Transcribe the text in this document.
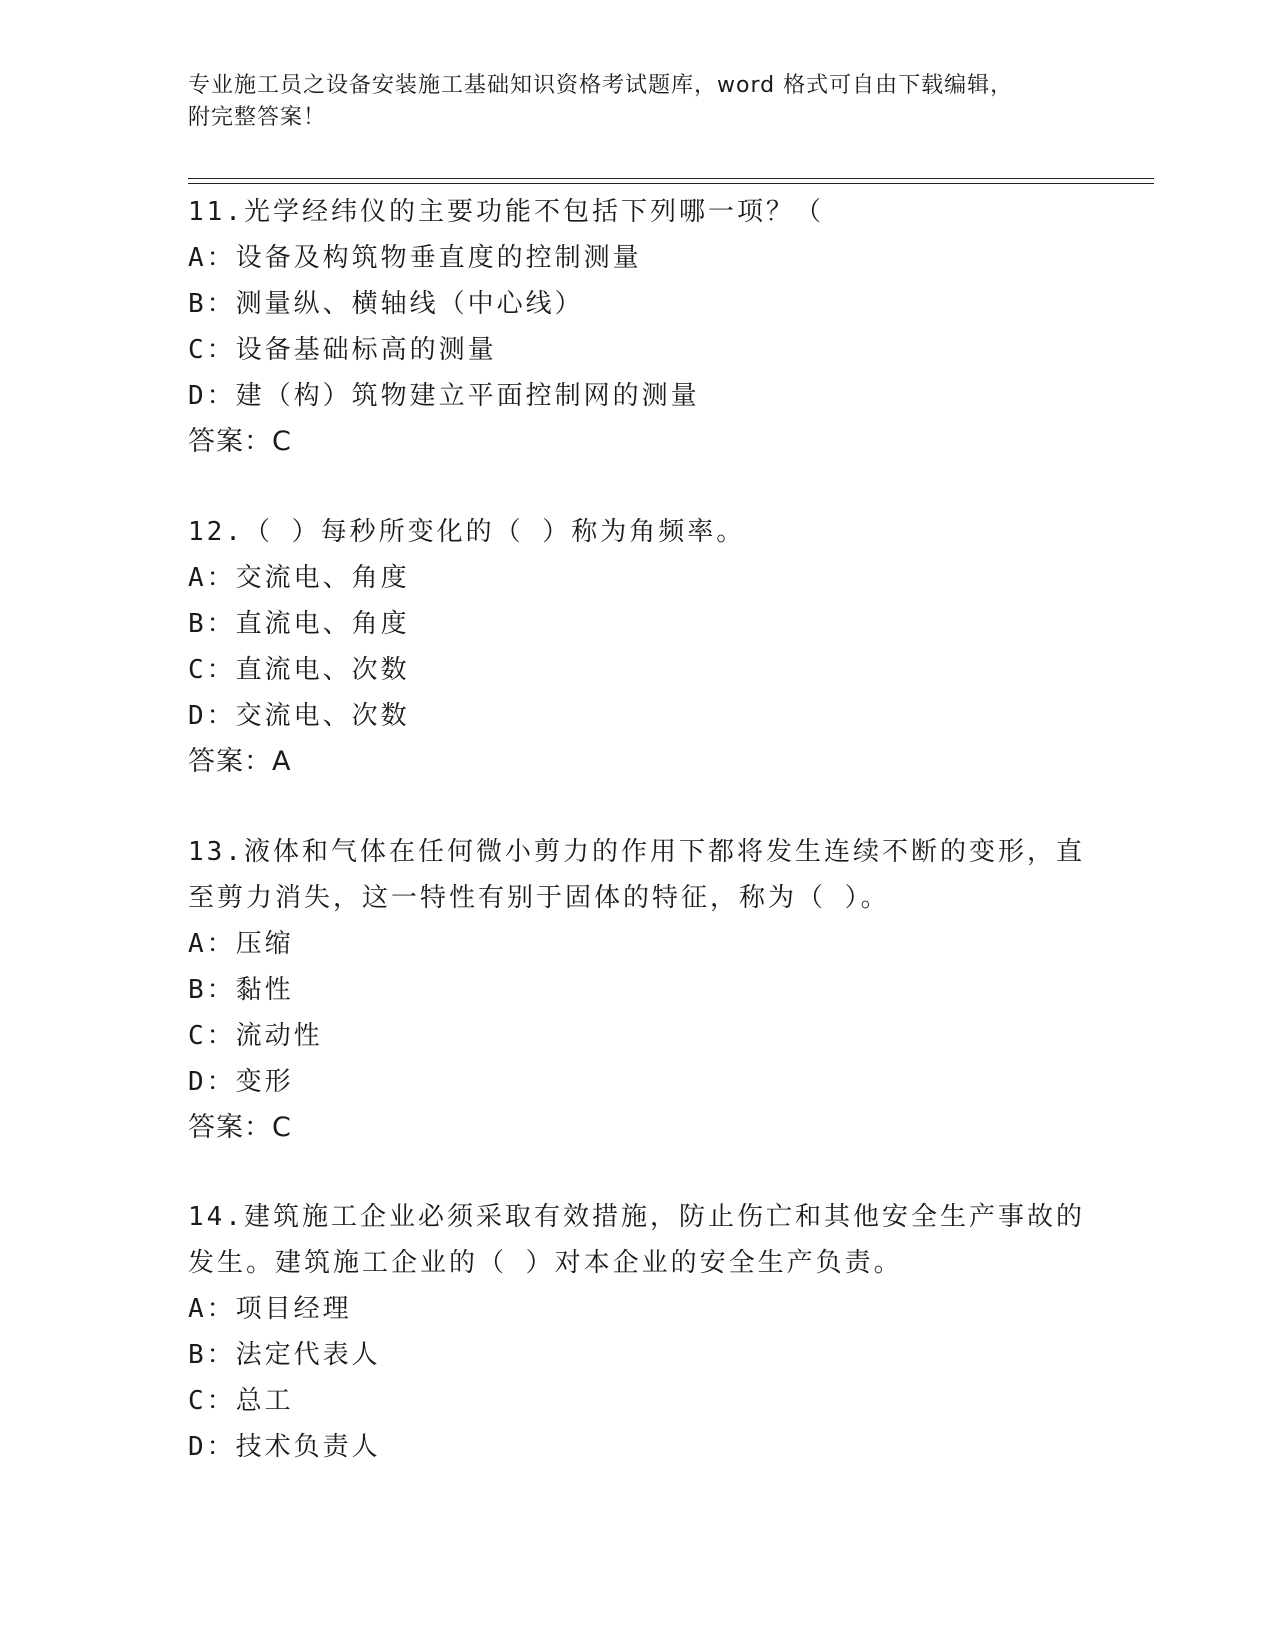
专业施工员之设备安装施工基础知识资格考试题库，word 格式可自由下载编辑，
附完整答案！
11.光学经纬仪的主要功能不包括下列哪一项？（
A：设备及构筑物垂直度的控制测量
B：测量纵、横轴线（中心线）
C：设备基础标高的测量
D：建（构）筑物建立平面控制网的测量
答案：C
12.（ ）每秒所变化的（ ）称为角频率。
A：交流电、角度
B：直流电、角度
C：直流电、次数
D：交流电、次数
答案：A
13.液体和气体在任何微小剪力的作用下都将发生连续不断的变形，直
至剪力消失，这一特性有别于固体的特征，称为（ ）。
A：压缩
B：黏性
C：流动性
D：变形
答案：C
14.建筑施工企业必须采取有效措施，防止伤亡和其他安全生产事故的
发生。建筑施工企业的（ ）对本企业的安全生产负责。
A：项目经理
B：法定代表人
C：总工
D：技术负责人
